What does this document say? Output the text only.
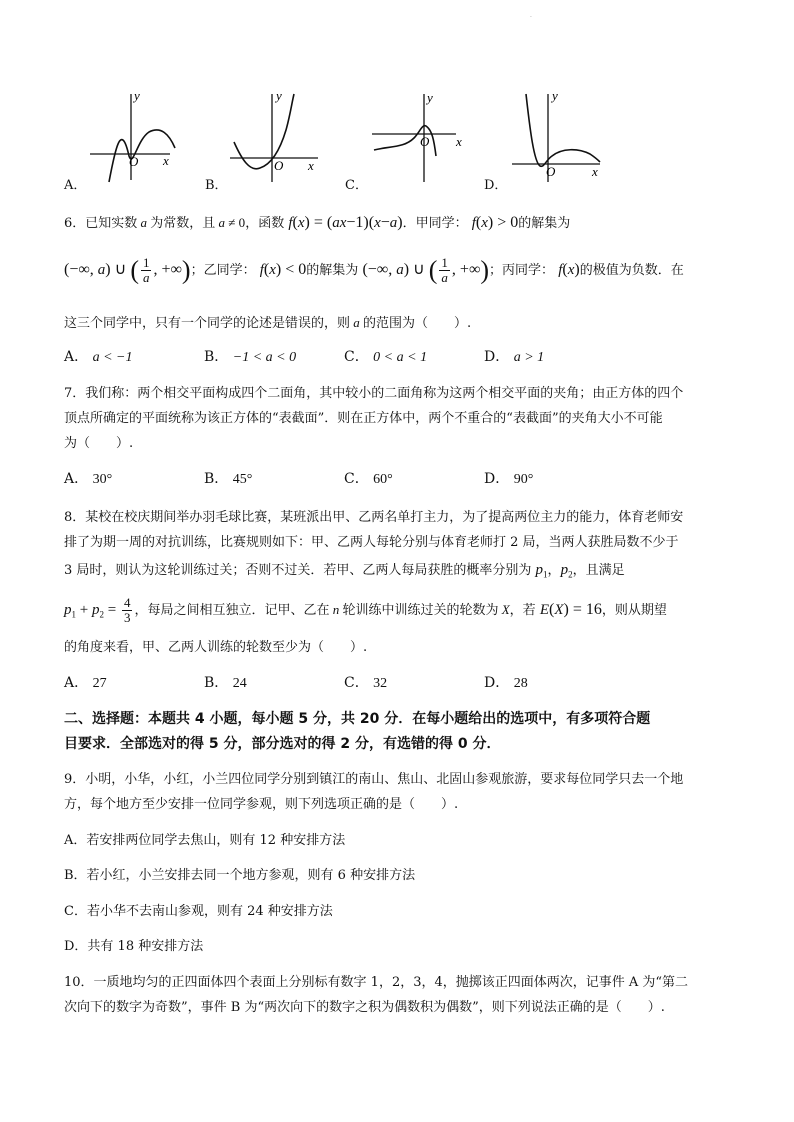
·
y
O x
A．
y
O x
B．
y
O x
C．
y
O	x
D．
6．已知实数 a 为常数，且 a ≠ 0，函数 f(x) = (ax−1)(x−a)．甲同学： f(x) > 0的解集为
(−∞, a) ∪ ( $\frac{1}{a}$ , +∞)；乙同学： f(x) < 0的解集为 (−∞, a) ∪ ( $\frac{1}{a}$ , +∞)；丙同学： f(x)的极值为负数．在
这三个同学中，只有一个同学的论述是错误的，则 a 的范围为（　　）.
A． a < −1	B． −1 < a < 0	C． 0 < a < 1	D． a > 1
7．我们称：两个相交平面构成四个二面角，其中较小的二面角称为这两个相交平面的夹角；由正方体的四个
顶点所确定的平面统称为该正方体的“表截面”．则在正方体中，两个不重合的“表截面”的夹角大小不可能
为（　　）.
A． 30°	B． 45°	C． 60°	D． 90°
8．某校在校庆期间举办羽毛球比赛，某班派出甲、乙两名单打主力，为了提高两位主力的能力，体育老师安
排了为期一周的对抗训练，比赛规则如下：甲、乙两人每轮分别与体育老师打 2 局，当两人获胜局数不少于
3 局时，则认为这轮训练过关；否则不过关．若甲、乙两人每局获胜的概率分别为 $p_1$，$p_2$，且满足
$p_1 + p_2 = \frac{4}{3}$ ，每局之间相互独立．记甲、乙在 n 轮训练中训练过关的轮数为 X，若 E(X) = 16，则从期望
的角度来看，甲、乙两人训练的轮数至少为（　　）.
A． 27	B． 24	C． 32	D． 28
二、选择题：本题共 4 小题，每小题 5 分，共 20 分．在每小题给出的选项中，有多项符合题
目要求．全部选对的得 5 分，部分选对的得 2 分，有选错的得 0 分．
9．小明，小华，小红，小兰四位同学分别到镇江的南山、焦山、北固山参观旅游，要求每位同学只去一个地
方，每个地方至少安排一位同学参观，则下列选项正确的是（　　）.
A．若安排两位同学去焦山，则有 12 种安排方法
B．若小红，小兰安排去同一个地方参观，则有 6 种安排方法
C．若小华不去南山参观，则有 24 种安排方法
D．共有 18 种安排方法
10．一质地均匀的正四面体四个表面上分别标有数字 1，2，3，4，抛掷该正四面体两次，记事件 A 为“第二
次向下的数字为奇数”，事件 B 为“两次向下的数字之积为偶数积为偶数”，则下列说法正确的是（　　）.
